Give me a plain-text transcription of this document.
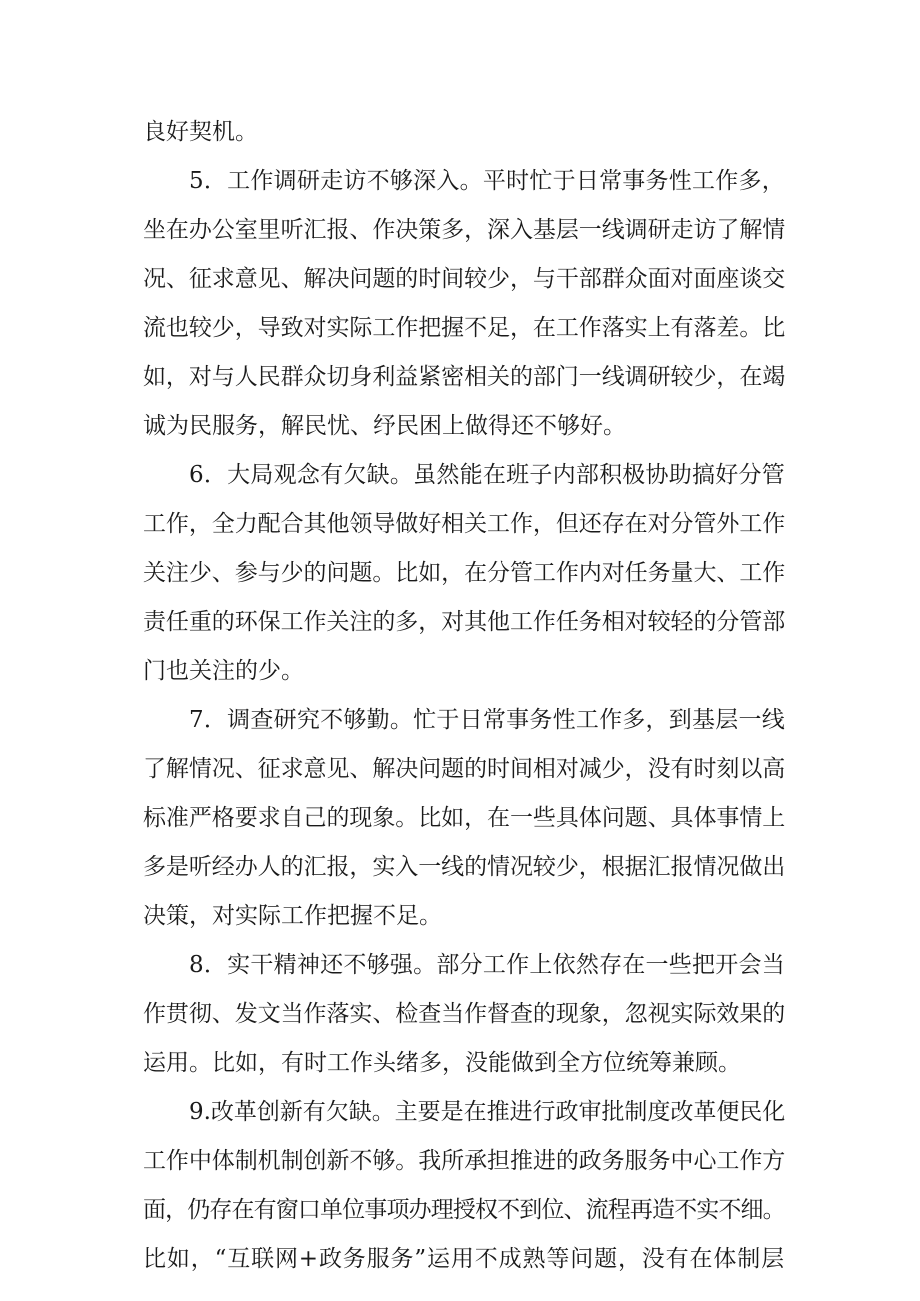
良好契机。
5．工作调研走访不够深入。平时忙于日常事务性工作多，
坐在办公室里听汇报、作决策多，深入基层一线调研走访了解情
况、征求意见、解决问题的时间较少，与干部群众面对面座谈交
流也较少，导致对实际工作把握不足，在工作落实上有落差。比
如，对与人民群众切身利益紧密相关的部门一线调研较少，在竭
诚为民服务，解民忧、纾民困上做得还不够好。
6．大局观念有欠缺。虽然能在班子内部积极协助搞好分管
工作，全力配合其他领导做好相关工作，但还存在对分管外工作
关注少、参与少的问题。比如，在分管工作内对任务量大、工作
责任重的环保工作关注的多，对其他工作任务相对较轻的分管部
门也关注的少。
7．调查研究不够勤。忙于日常事务性工作多，到基层一线
了解情况、征求意见、解决问题的时间相对减少，没有时刻以高
标准严格要求自己的现象。比如，在一些具体问题、具体事情上
多是听经办人的汇报，实入一线的情况较少，根据汇报情况做出
决策，对实际工作把握不足。
8．实干精神还不够强。部分工作上依然存在一些把开会当
作贯彻、发文当作落实、检查当作督查的现象，忽视实际效果的
运用。比如，有时工作头绪多，没能做到全方位统筹兼顾。
9.改革创新有欠缺。主要是在推进行政审批制度改革便民化
工作中体制机制创新不够。我所承担推进的政务服务中心工作方
面，仍存在有窗口单位事项办理授权不到位、流程再造不实不细。
比如，“互联网+政务服务”运用不成熟等问题，没有在体制层
